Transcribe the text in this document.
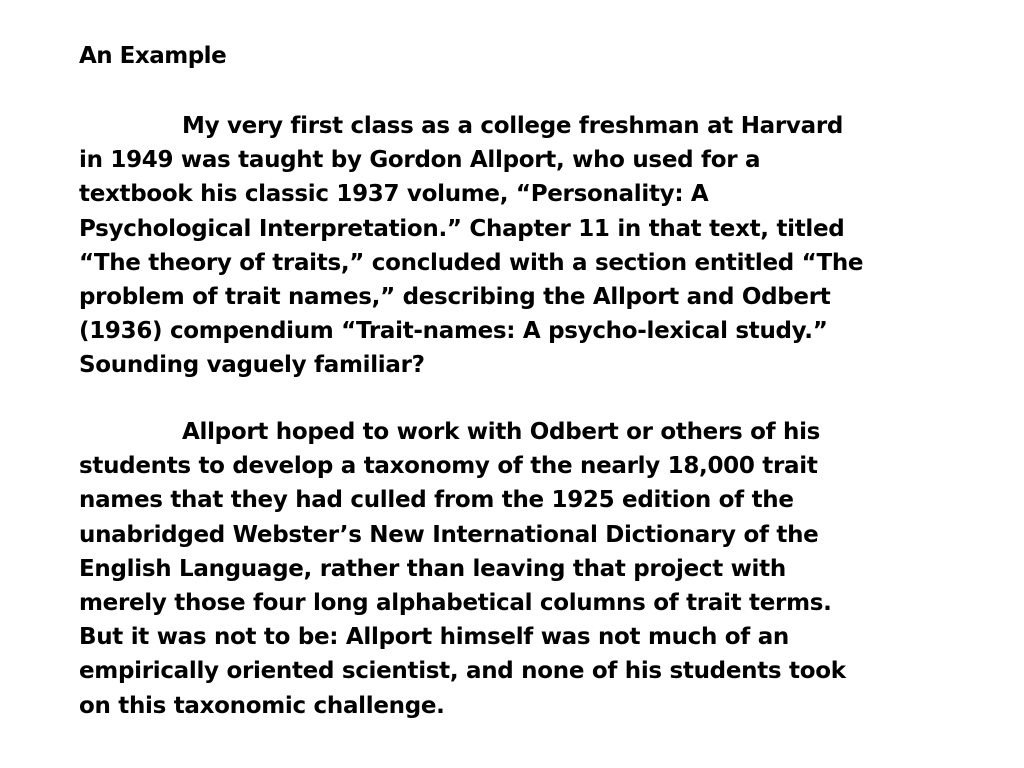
An Example
My very first class as a college freshman at Harvard
in 1949 was taught by Gordon Allport, who used for a
textbook his classic 1937 volume, “Personality: A
Psychological Interpretation.” Chapter 11 in that text, titled
“The theory of traits,” concluded with a section entitled “The
problem of trait names,” describing the Allport and Odbert
(1936) compendium “Trait-names: A psycho-lexical study.”
Sounding vaguely familiar?
Allport hoped to work with Odbert or others of his
students to develop a taxonomy of the nearly 18,000 trait
names that they had culled from the 1925 edition of the
unabridged Webster’s New International Dictionary of the
English Language, rather than leaving that project with
merely those four long alphabetical columns of trait terms.
But it was not to be: Allport himself was not much of an
empirically oriented scientist, and none of his students took
on this taxonomic challenge.
